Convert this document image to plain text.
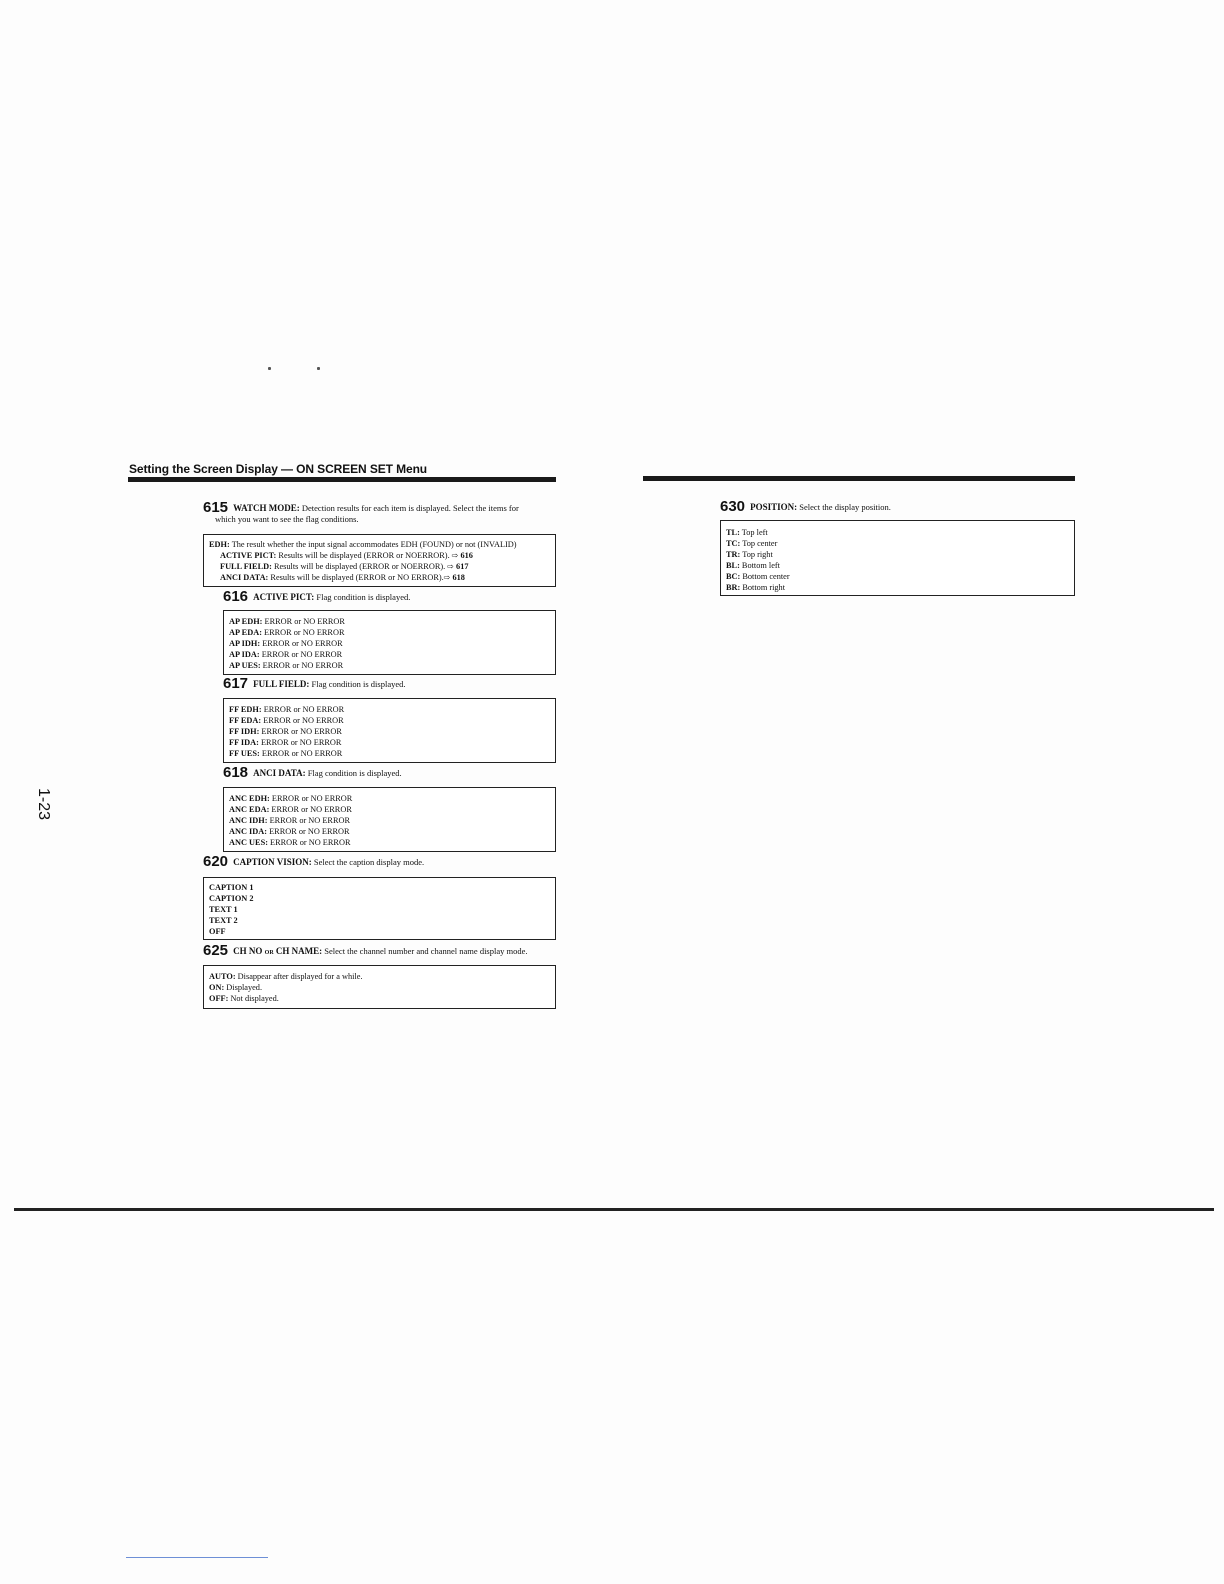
Setting the Screen Display — ON SCREEN SET Menu
1-23
615 WATCH MODE: Detection results for each item is displayed. Select the items for
which you want to see the flag conditions.
EDH: The result whether the input signal accommodates EDH (FOUND) or not (INVALID)
ACTIVE PICT: Results will be displayed (ERROR or NOERROR). ⇨ 616
FULL FIELD: Results will be displayed (ERROR or NOERROR). ⇨ 617
ANCI DATA: Results will be displayed (ERROR or NO ERROR).⇨ 618
616 ACTIVE PICT: Flag condition is displayed.
AP EDH: ERROR or NO ERROR
AP EDA: ERROR or NO ERROR
AP IDH: ERROR or NO ERROR
AP IDA: ERROR or NO ERROR
AP UES: ERROR or NO ERROR
617 FULL FIELD: Flag condition is displayed.
FF EDH: ERROR or NO ERROR
FF EDA: ERROR or NO ERROR
FF IDH: ERROR or NO ERROR
FF IDA: ERROR or NO ERROR
FF UES: ERROR or NO ERROR
618 ANCI DATA: Flag condition is displayed.
ANC EDH: ERROR or NO ERROR
ANC EDA: ERROR or NO ERROR
ANC IDH: ERROR or NO ERROR
ANC IDA: ERROR or NO ERROR
ANC UES: ERROR or NO ERROR
620 CAPTION VISION: Select the caption display mode.
CAPTION 1
CAPTION 2
TEXT 1
TEXT 2
OFF
625 CH NO or CH NAME: Select the channel number and channel name display mode.
AUTO: Disappear after displayed for a while.
ON: Displayed.
OFF: Not displayed.
630 POSITION: Select the display position.
TL: Top left
TC: Top center
TR: Top right
BL: Bottom left
BC: Bottom center
BR: Bottom right
